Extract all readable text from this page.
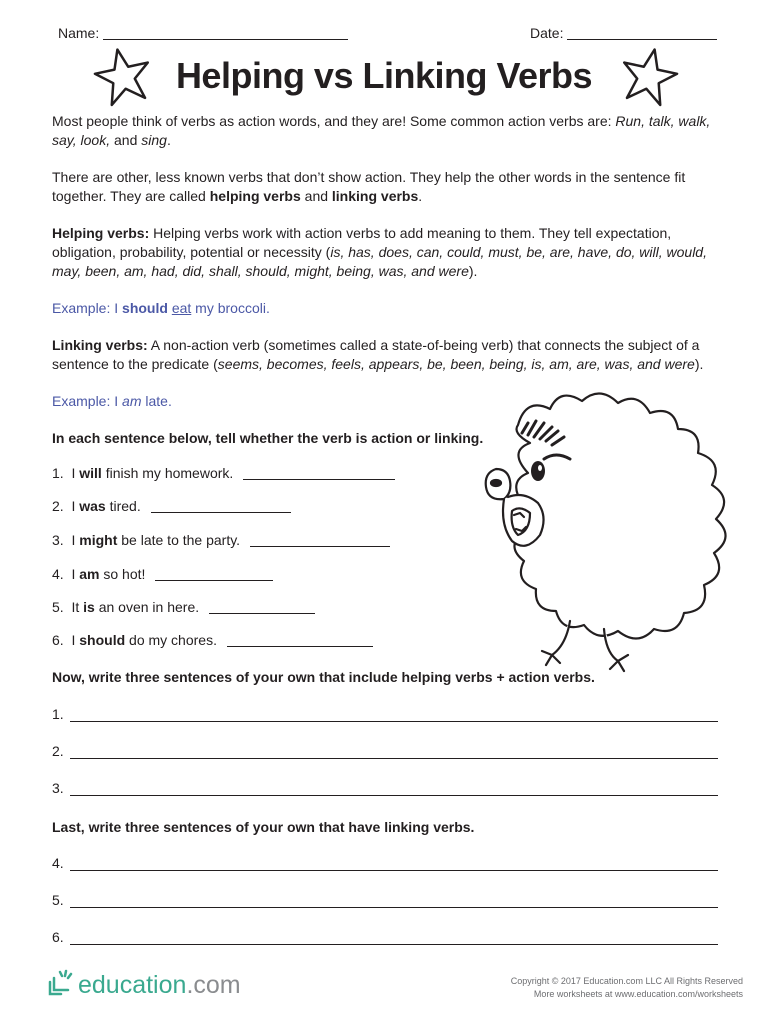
Name:	Date:
Helping vs Linking Verbs
Most people think of verbs as action words, and they are! Some common action verbs are: Run, talk, walk, say, look, and sing.
There are other, less known verbs that don’t show action. They help the other words in the sentence fit together. They are called helping verbs and linking verbs.
Helping verbs: Helping verbs work with action verbs to add meaning to them. They tell expectation, obligation, probability, potential or necessity (is, has, does, can, could, must, be, are, have, do, will, would, may, been, am, had, did, shall, should, might, being, was, and were).
Example: I should eat my broccoli.
Linking verbs: A non-action verb (sometimes called a state-of-being verb) that connects the subject of a sentence to the predicate (seems, becomes, feels, appears, be, been, being, is, am, are, was, and were).
Example: I am late.
In each sentence below, tell whether the verb is action or linking.
1. I will finish my homework.
2. I was tired.
3. I might be late to the party.
4. I am so hot!
5. It is an oven in here.
6. I should do my chores.
Now, write three sentences of your own that include helping verbs + action verbs.
1.
2.
3.
Last, write three sentences of your own that have linking verbs.
4.
5.
6.
education.com	Copyright © 2017 Education.com LLC All Rights Reserved
More worksheets at www.education.com/worksheets
